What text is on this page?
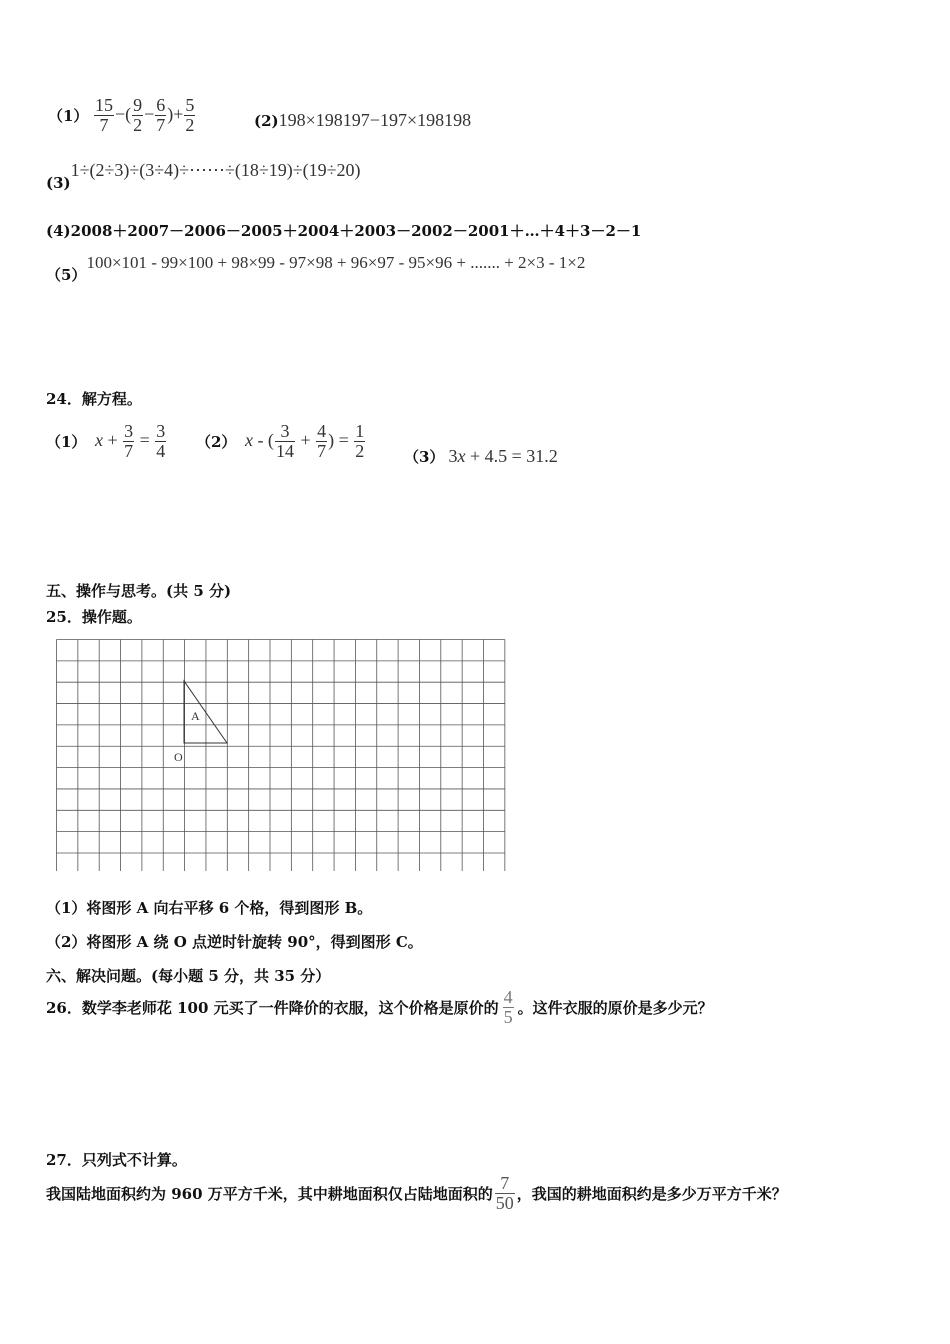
$(1) \frac{15}{7}$ −( $\frac{9}{2} - \frac{6}{7}$ )+ $\frac{5}{2}$	(2)198×198197−197×198198
(3)1÷(2÷3)÷(3÷4)÷⋯⋯÷(18÷19)÷(19÷20)
(4)2008＋2007－2006－2005＋2004＋2003－2002－2001＋…＋4＋3－2－1
（5）100×101 - 99×100 + 98×99 - 97×98 + 96×97 - 95×96 + ....... + 2×3 - 1×2
24．解方程。
（1） $x + \frac{3}{7} = \frac{3}{4} (2)$ x - ( $\frac{3}{14} + \frac{4}{7}$ ) = $\frac{1}{2}$	（3） 3x + 4.5 = 31.2
五、操作与思考。(共 5 分)
25．操作题。
A
O
（1）将图形 A 向右平移 6 个格，得到图形 B。
（2）将图形 A 绕 O 点逆时针旋转 90°，得到图形 C。
六、解决问题。(每小题 5 分，共 35 分）
26．数学李老师花 100 元买了一件降价的衣服，这个价格是原价的 $\frac{4}{5}$ 。这件衣服的原价是多少元？
27．只列式不计算。
我国陆地面积约为 960 万平方千米，其中耕地面积仅占陆地面积的 $\frac{7}{50}$ ，我国的耕地面积约是多少万平方千米？
